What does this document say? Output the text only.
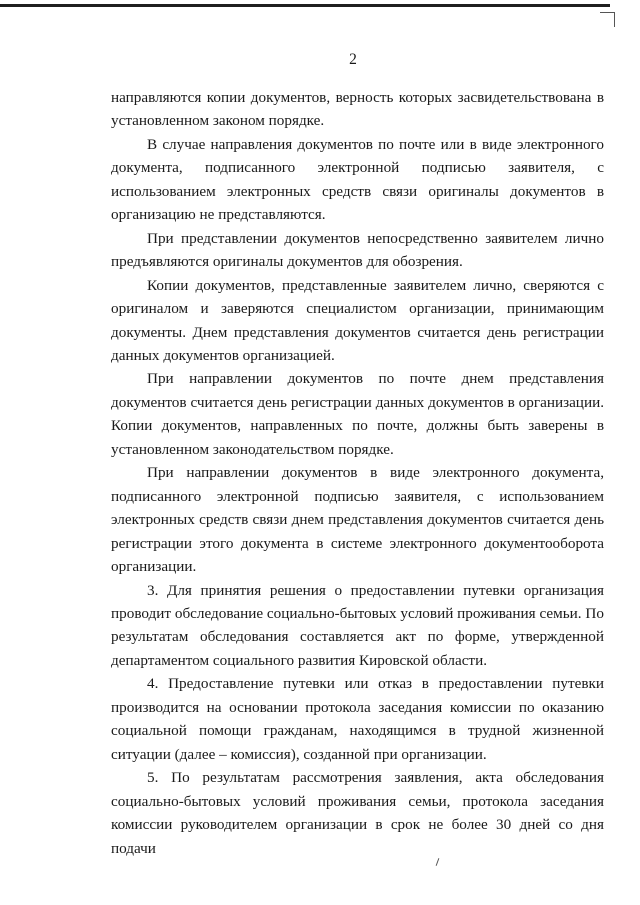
2

направляются копии документов, верность которых засвидетельствована в установленном законом порядке.

В случае направления документов по почте или в виде электронного документа, подписанного электронной подписью заявителя, с использованием электронных средств связи оригиналы документов в организацию не представляются.

При представлении документов непосредственно заявителем лично предъявляются оригиналы документов для обозрения.

Копии документов, представленные заявителем лично, сверяются с оригиналом и заверяются специалистом организации, принимающим документы. Днем представления документов считается день регистрации данных документов организацией.

При направлении документов по почте днем представления документов считается день регистрации данных документов в организации. Копии документов, направленных по почте, должны быть заверены в установленном законодательством порядке.

При направлении документов в виде электронного документа, подписанного электронной подписью заявителя, с использованием электронных средств связи днем представления документов считается день регистрации этого документа в системе электронного документооборота организации.

3. Для принятия решения о предоставлении путевки организация проводит обследование социально-бытовых условий проживания семьи. По результатам обследования составляется акт по форме, утвержденной департаментом социального развития Кировской области.

4. Предоставление путевки или отказ в предоставлении путевки производится на основании протокола заседания комиссии по оказанию социальной помощи гражданам, находящимся в трудной жизненной ситуации (далее – комиссия), созданной при организации.

5. По результатам рассмотрения заявления, акта обследования социально-бытовых условий проживания семьи, протокола заседания комиссии руководителем организации в срок не более 30 дней со дня подачи
